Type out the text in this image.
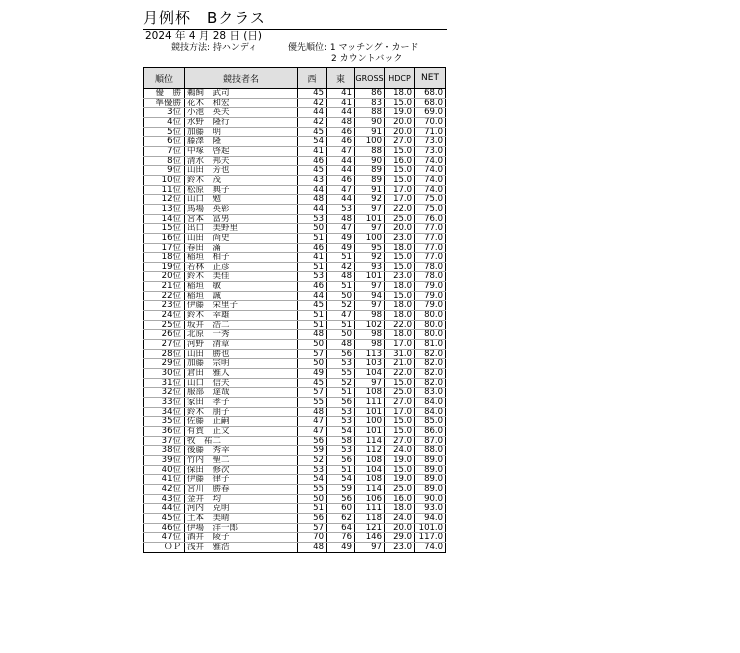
月例杯　Bクラス
2024 年 4 月 28 日 (日)
競技方法: 持ハンディ	優先順位: 1 マッチング・カード
2 カウントバック
順位	競技者名	西	東	GROSS	HDCP	NET
優　勝	鵜飼　武司	45	41	86	18.0	68.0
準優勝	花木　和宏	42	41	83	15.0	68.0
3位	小池　英夫	44	44	88	19.0	69.0
4位	水野　隆行	42	48	90	20.0	70.0
5位	加藤　明	45	46	91	20.0	71.0
6位	藤澤　隆	54	46	100	27.0	73.0
7位	中塚　啓起	41	47	88	15.0	73.0
8位	清水　邦夫	46	44	90	16.0	74.0
9位	山田　芳也	45	44	89	15.0	74.0
10位	鈴木　茂	43	46	89	15.0	74.0
11位	松原　典子	44	47	91	17.0	74.0
12位	山口　勉	48	44	92	17.0	75.0
13位	馬場　英彰	44	53	97	22.0	75.0
14位	宮本　富男	53	48	101	25.0	76.0
15位	出口　美野里	50	47	97	20.0	77.0
16位	山田　尚史	51	49	100	23.0	77.0
17位	春田　滿	46	49	95	18.0	77.0
18位	稲垣　相子	41	51	92	15.0	77.0
19位	若林　正彦	51	42	93	15.0	78.0
20位	鈴木　美佳	53	48	101	23.0	78.0
21位	稲垣　敏	46	51	97	18.0	79.0
22位	稲垣　誠	44	50	94	15.0	79.0
23位	伊藤　栄里子	45	52	97	18.0	79.0
24位	鈴木　幸雄	51	47	98	18.0	80.0
25位	坂井　浩二	51	51	102	22.0	80.0
26位	北原　一秀	48	50	98	18.0	80.0
27位	河野　清章	50	48	98	17.0	81.0
28位	山田　勝也	57	56	113	31.0	82.0
29位	加藤　宗明	50	53	103	21.0	82.0
30位	倉田　雅人	49	55	104	22.0	82.0
31位	山口　信夫	45	52	97	15.0	82.0
32位	服部　達哉	57	51	108	25.0	83.0
33位	家田　孝子	55	56	111	27.0	84.0
34位	鈴木　朋子	48	53	101	17.0	84.0
35位	佐藤　正嗣	47	53	100	15.0	85.0
36位	有賀　正文	47	54	101	15.0	86.0
37位	牧　祐二	56	58	114	27.0	87.0
38位	後藤　秀幸	59	53	112	24.0	88.0
39位	竹内　聖二	52	56	108	19.0	89.0
40位	保田　修次	53	51	104	15.0	89.0
41位	伊藤　律子	54	54	108	19.0	89.0
42位	宮川　勝春	55	59	114	25.0	89.0
43位	金井　均	50	56	106	16.0	90.0
44位	河内　克明	51	60	111	18.0	93.0
45位	土本　美晴	56	62	118	24.0	94.0
46位	伊場　洋一郎	57	64	121	20.0	101.0
47位	酒井　陵子	70	76	146	29.0	117.0
ＯＰ	浅井　雅浩	48	49	97	23.0	74.0
